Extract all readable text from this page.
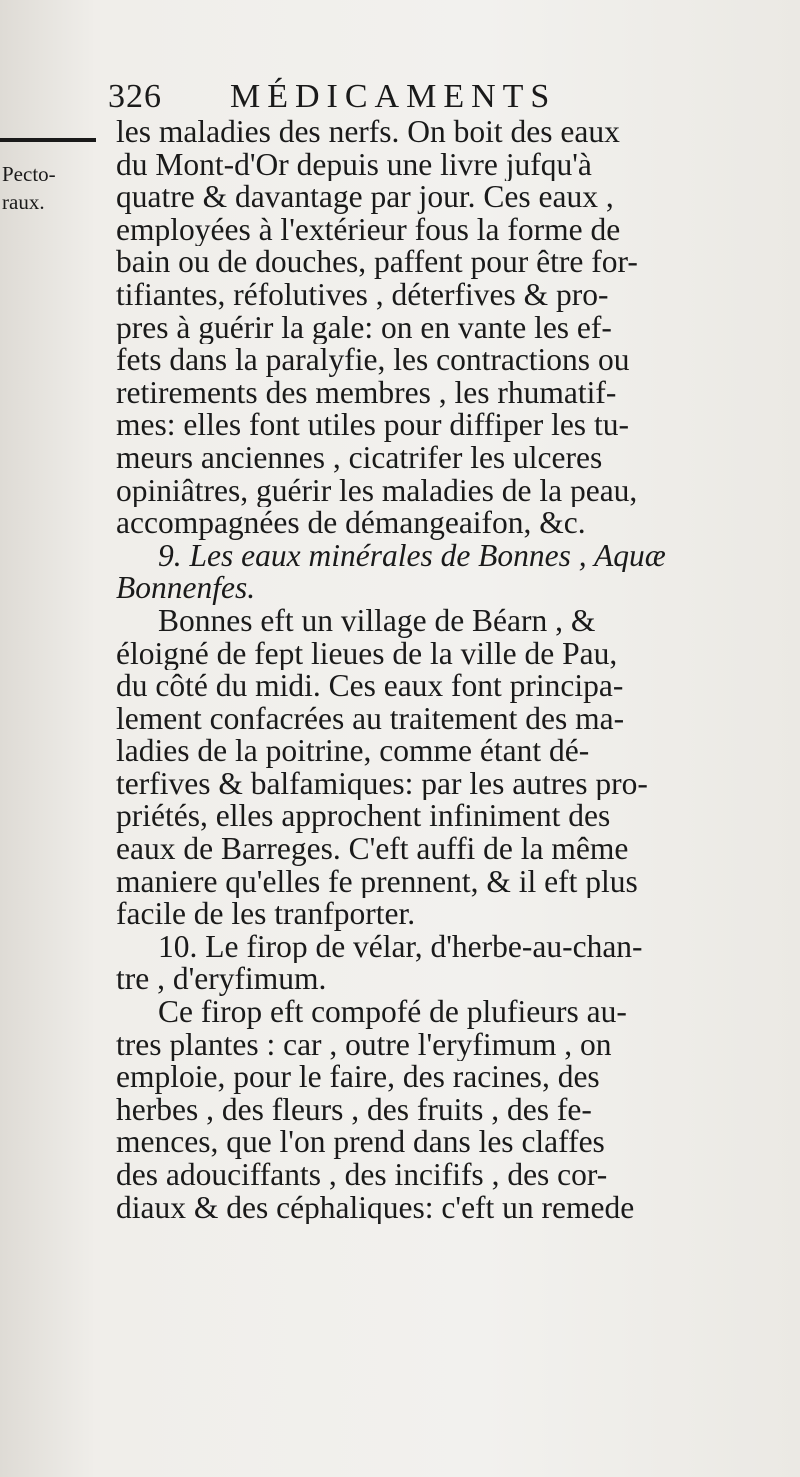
326 MÉDICAMENTS
Peсto-
raux.
les maladies des nerfs. On boit des eaux
du Mont-d'Or depuis une livre jufqu'à
quatre & davantage par jour. Ces eaux ,
employées à l'extérieur fous la forme de
bain ou de douches, paffent pour être for-
tifiantes, réfolutives , déterfives & pro-
pres à guérir la gale: on en vante les ef-
fets dans la paralyfie, les contractions ou
retirements des membres , les rhumatif-
mes: elles font utiles pour diffiper les tu-
meurs anciennes , cicatrifer les ulceres
opiniâtres, guérir les maladies de la peau,
accompagnées de démangeaifon, &c.
9. Les eaux minérales de Bonnes , Aquæ
Bonnenfes.
Bonnes eft un village de Béarn , &
éloigné de fept lieues de la ville de Pau,
du côté du midi. Ces eaux font principa-
lement confacrées au traitement des ma-
ladies de la poitrine, comme étant dé-
terfives & balfamiques: par les autres pro-
priétés, elles approchent infiniment des
eaux de Barreges. C'eft auffi de la même
maniere qu'elles fe prennent, & il eft plus
facile de les tranfporter.
10. Le firop de vélar, d'herbe-au-chan-
tre , d'eryfimum.
Ce firop eft compofé de plufieurs au-
tres plantes : car , outre l'eryfimum , on
emploie, pour le faire, des racines, des
herbes , des fleurs , des fruits , des fe-
mences, que l'on prend dans les claffes
des adouciffants , des incififs , des cor-
diaux & des céphaliques: c'eft un remede
